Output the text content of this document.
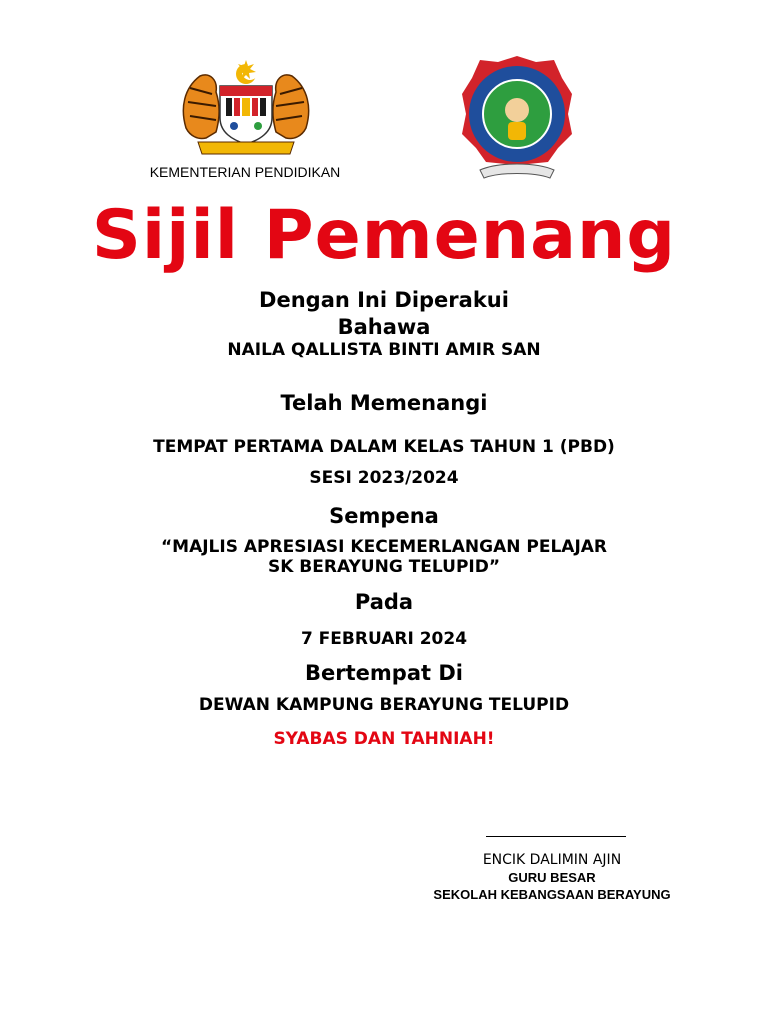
KEMENTERIAN PENDIDIKAN
Sijil Pemenang
Dengan Ini Diperakui
Bahawa
NAILA QALLISTA BINTI AMIR SAN
Telah Memenangi
TEMPAT PERTAMA DALAM KELAS TAHUN 1 (PBD)
SESI 2023/2024
Sempena
“MAJLIS APRESIASI KECEMERLANGAN PELAJAR
SK BERAYUNG TELUPID”
Pada
7 FEBRUARI 2024
Bertempat Di
DEWAN KAMPUNG BERAYUNG TELUPID
SYABAS DAN TAHNIAH!
ENCIK DALIMIN AJIN
GURU BESAR
SEKOLAH KEBANGSAAN BERAYUNG
